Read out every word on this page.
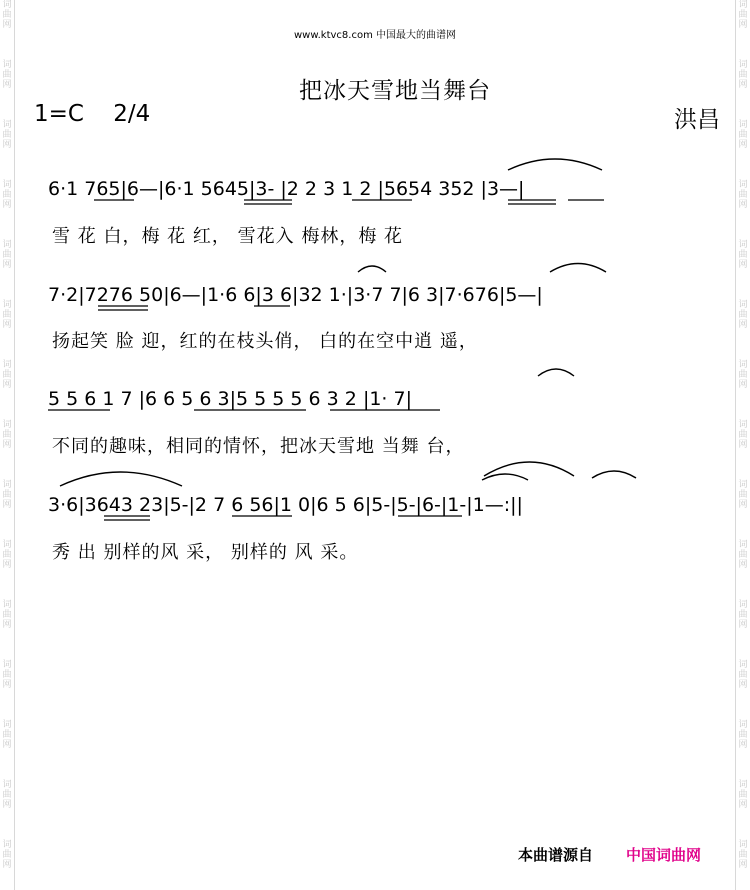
词
曲
网
词
曲
网
词
曲
网
词
曲
网
词
曲
网
词
曲
网
词
曲
网
词
曲
网
词
曲
网
词
曲
网
词
曲
网
词
曲
网
词
曲
网
词
曲
网
词
曲
网
词
曲
网
词
曲
网
词
曲
网
词
曲
网
词
曲
网
词
曲
网
词
曲
网
词
曲
网
词
曲
网
词
曲
网
词
曲
网
词
曲
网
词
曲
网
词
曲
网
词
曲
网
www.ktvc8.com 中国最大的曲谱网
把冰天雪地当舞台
1=C 2/4	洪昌
6·1 765|6—|6·1 5645|3- |2 2 3 1 2 |5654 352 |3—|
雪 花 白，梅 花 红， 雪花入 梅林，梅 花
7·2|7276 50|6—|1·6 6|3 6|32 1·|3·7 7|6 3|7·676|5—|
扬起笑 脸 迎，红的在枝头俏， 白的在空中逍 遥，
5 5 6 1 7 |6 6 5 6 3|5 5 5 5 6 3 2 |1· 7|
不同的趣味，相同的情怀，把冰天雪地 当舞 台，
3·6|3643 23|5-|2 7 6 56|1 0|6 5 6|5-|5-|6-|1-|1—:||
秀 出 别样的风 采， 别样的 风 采。
本曲谱源自 中国词曲网
